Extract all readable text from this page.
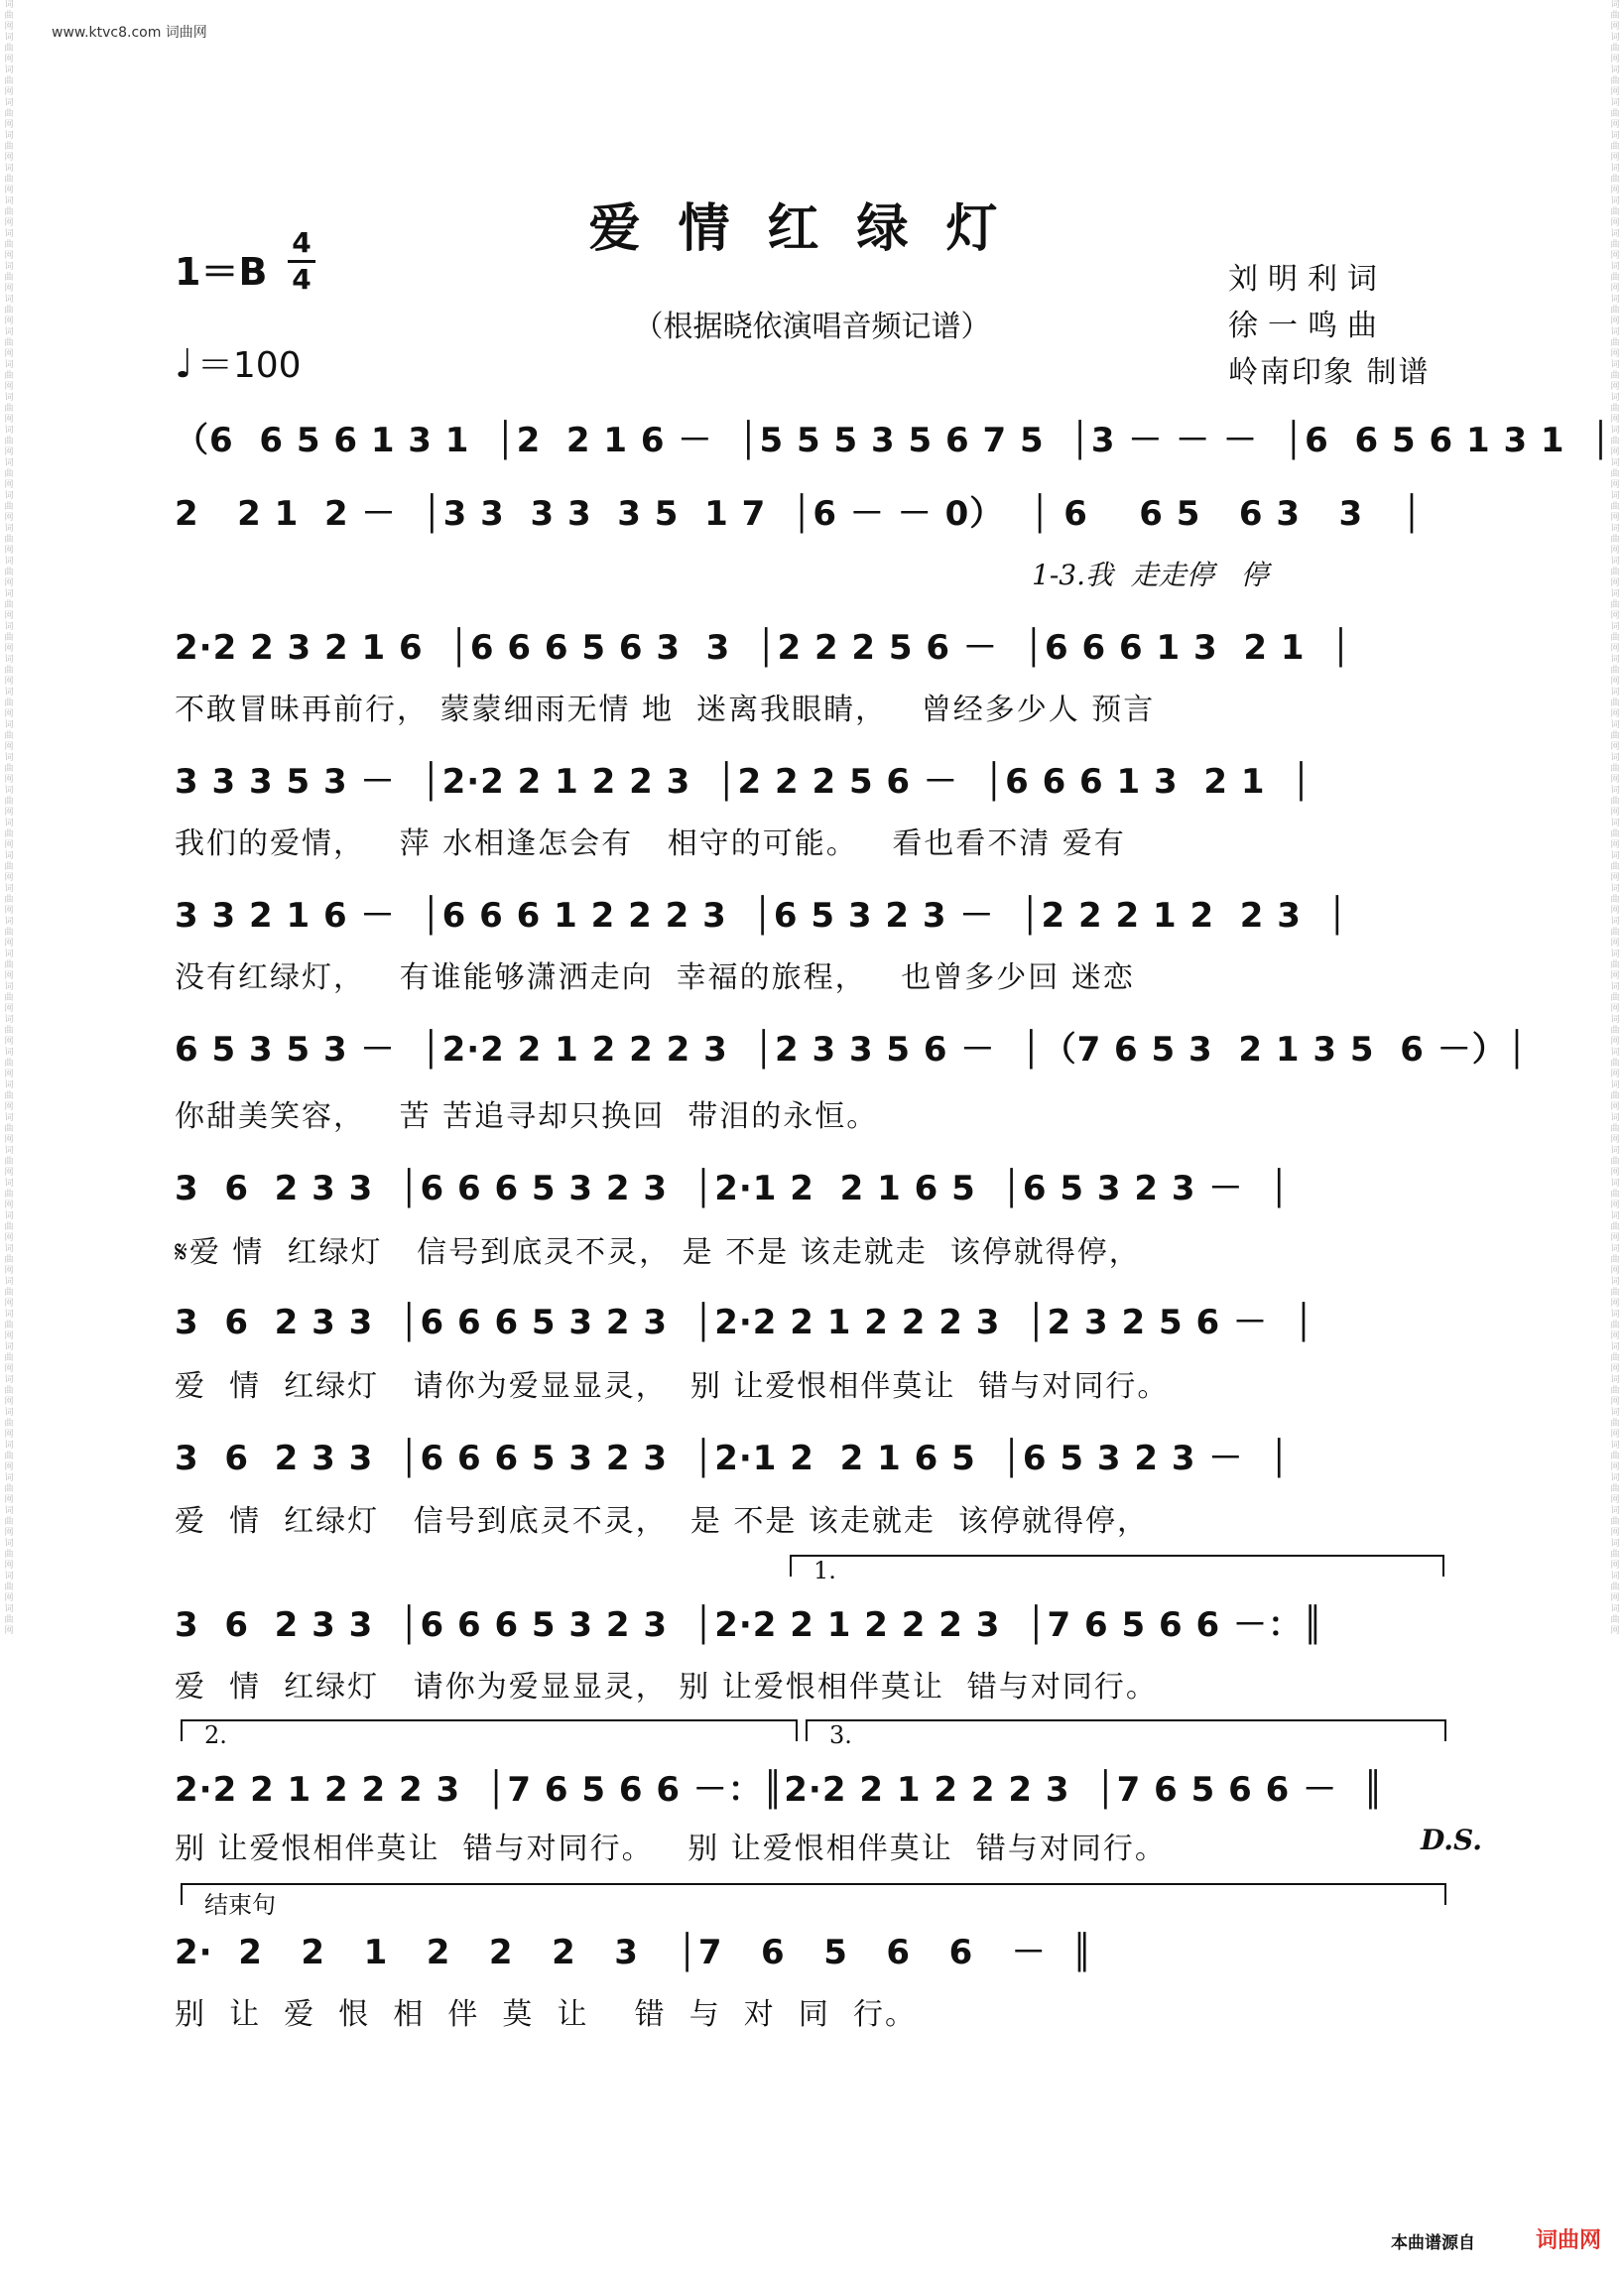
词曲网词曲网词曲网词曲网词曲网词曲网词曲网词曲网词曲网词曲网词曲网词曲网词曲网词曲网词曲网词曲网词曲网词曲网词曲网词曲网词曲网词曲网词曲网词曲网词曲网词曲网词曲网词曲网词曲网词曲网词曲网词曲网词曲网词曲网词曲网词曲网词曲网词曲网词曲网词曲网词曲网词曲网词曲网词曲网词曲网词曲网词曲网词曲网词曲网词曲网
词曲网词曲网词曲网词曲网词曲网词曲网词曲网词曲网词曲网词曲网词曲网词曲网词曲网词曲网词曲网词曲网词曲网词曲网词曲网词曲网词曲网词曲网词曲网词曲网词曲网词曲网词曲网词曲网词曲网词曲网词曲网词曲网词曲网词曲网词曲网词曲网词曲网词曲网词曲网词曲网词曲网词曲网词曲网词曲网词曲网词曲网词曲网词曲网词曲网词曲网
www.ktvc8.com 词曲网
爱情红绿灯
（根据晓依演唱音频记谱）
1＝B
4
4
♩ ＝100
刘明利词
徐一鸣曲
岭南印象 制谱
（6  6 5 6 1 3 1  │2  2 1 6 －  │5 5 5 3 5 6 7 5  │3 － － －  │6  6 5 6 1 3 1  │
2   2 1  2 －  │3 3  3 3  3 5  1 7  │6 － － 0）  │ 6    6 5   6 3   3   │
1-3.我  走走停   停
2·2 2 3 2 1 6  │6 6 6 5 6 3  3  │2 2 2 5 6 －  │6 6 6 1 3  2 1  │
不敢冒昧再前行， 蒙蒙细雨无情 地  迷离我眼睛，   曾经多少人 预言
3 3 3 5 3 －  │2·2 2 1 2 2 3  │2 2 2 5 6 －  │6 6 6 1 3  2 1  │
我们的爱情，   萍 水相逢怎会有   相守的可能。   看也看不清 爱有
3 3 2 1 6 －  │6 6 6 1 2 2 2 3  │6 5 3 2 3 －  │2 2 2 1 2  2 3  │
没有红绿灯，   有谁能够潇洒走向  幸福的旅程，   也曾多少回 迷恋
6 5 3 5 3 －  │2·2 2 1 2 2 2 3  │2 3 3 5 6 －  │（7 6 5 3  2 1 3 5  6 －）│
你甜美笑容，   苦 苦追寻却只换回  带泪的永恒。
3  6  2 3 3  │6 6 6 5 3 2 3  │2·1 2  2 1 6 5  │6 5 3 2 3 －  │
𝄋爱 情  红绿灯   信号到底灵不灵， 是 不是 该走就走  该停就得停，
3  6  2 3 3  │6 6 6 5 3 2 3  │2·2 2 1 2 2 2 3  │2 3 2 5 6 －  │
爱  情  红绿灯   请你为爱显显灵，  别 让爱恨相伴莫让  错与对同行。
3  6  2 3 3  │6 6 6 5 3 2 3  │2·1 2  2 1 6 5  │6 5 3 2 3 －  │
爱  情  红绿灯   信号到底灵不灵，  是 不是 该走就走  该停就得停，
1.
3  6  2 3 3  │6 6 6 5 3 2 3  │2·2 2 1 2 2 2 3  │7 6 5 6 6 －：║
爱  情  红绿灯   请你为爱显显灵， 别 让爱恨相伴莫让  错与对同行。
2.	3.
2·2 2 1 2 2 2 3  │7 6 5 6 6 －：║2·2 2 1 2 2 2 3  │7 6 5 6 6 －  ║
别 让爱恨相伴莫让  错与对同行。   别 让爱恨相伴莫让  错与对同行。	D.S.
结束句
2·  2   2   1   2   2   2   3   │7   6   5   6   6   －  ║
别  让  爱  恨  相  伴  莫  让    错  与  对  同  行。
本曲谱源自	词曲网
